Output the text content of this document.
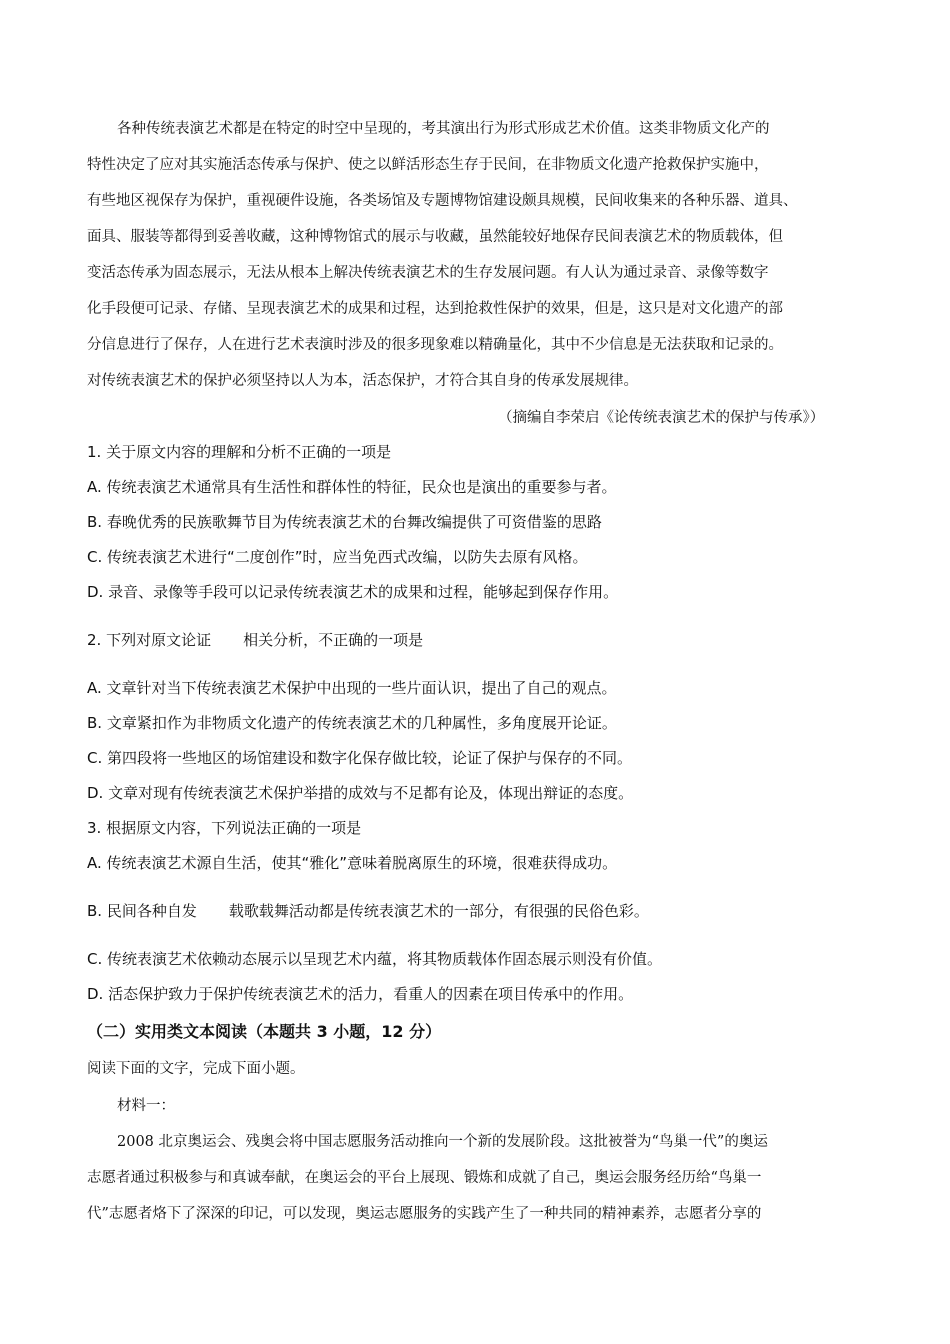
各种传统表演艺术都是在特定的时空中呈现的，考其演出行为形式形成艺术价值。这类非物质文化产的
特性决定了应对其实施活态传承与保护、使之以鲜活形态生存于民间，在非物质文化遗产抢救保护实施中，
有些地区视保存为保护，重视硬件设施，各类场馆及专题博物馆建设颇具规模，民间收集来的各种乐器、道具、
面具、服装等都得到妥善收藏，这种博物馆式的展示与收藏，虽然能较好地保存民间表演艺术的物质载体，但
变活态传承为固态展示，无法从根本上解决传统表演艺术的生存发展问题。有人认为通过录音、录像等数字
化手段便可记录、存储、呈现表演艺术的成果和过程，达到抢救性保护的效果，但是，这只是对文化遗产的部
分信息进行了保存，人在进行艺术表演时涉及的很多现象难以精确量化，其中不少信息是无法获取和记录的。
对传统表演艺术的保护必须坚持以人为本，活态保护，才符合其自身的传承发展规律。
（摘编自李荣启《论传统表演艺术的保护与传承》）
1. 关于原文内容的理解和分析不正确的一项是
A. 传统表演艺术通常具有生活性和群体性的特征，民众也是演出的重要参与者。
B. 春晚优秀的民族歌舞节目为传统表演艺术的台舞改编提供了可资借鉴的思路
C. 传统表演艺术进行“二度创作”时，应当免西式改编，以防失去原有风格。
D. 录音、录像等手段可以记录传统表演艺术的成果和过程，能够起到保存作用。
2. 下列对原文论证 相关分析，不正确的一项是
A. 文章针对当下传统表演艺术保护中出现的一些片面认识，提出了自己的观点。
B. 文章紧扣作为非物质文化遗产的传统表演艺术的几种属性，多角度展开论证。
C. 第四段将一些地区的场馆建设和数字化保存做比较，论证了保护与保存的不同。
D. 文章对现有传统表演艺术保护举措的成效与不足都有论及，体现出辩证的态度。
3. 根据原文内容，下列说法正确的一项是
A. 传统表演艺术源自生活，使其“雅化”意味着脱离原生的环境，很难获得成功。
B. 民间各种自发 载歌载舞活动都是传统表演艺术的一部分，有很强的民俗色彩。
C. 传统表演艺术依赖动态展示以呈现艺术内蕴，将其物质载体作固态展示则没有价值。
D. 活态保护致力于保护传统表演艺术的活力，看重人的因素在项目传承中的作用。
（二）实用类文本阅读（本题共 3 小题，12 分）
阅读下面的文字，完成下面小题。
材料一：
2008 北京奥运会、残奥会将中国志愿服务活动推向一个新的发展阶段。这批被誉为“鸟巢一代”的奥运
志愿者通过积极参与和真诚奉献，在奥运会的平台上展现、锻炼和成就了自己，奥运会服务经历给“鸟巢一
代”志愿者烙下了深深的印记，可以发现，奥运志愿服务的实践产生了一种共同的精神素养，志愿者分享的
